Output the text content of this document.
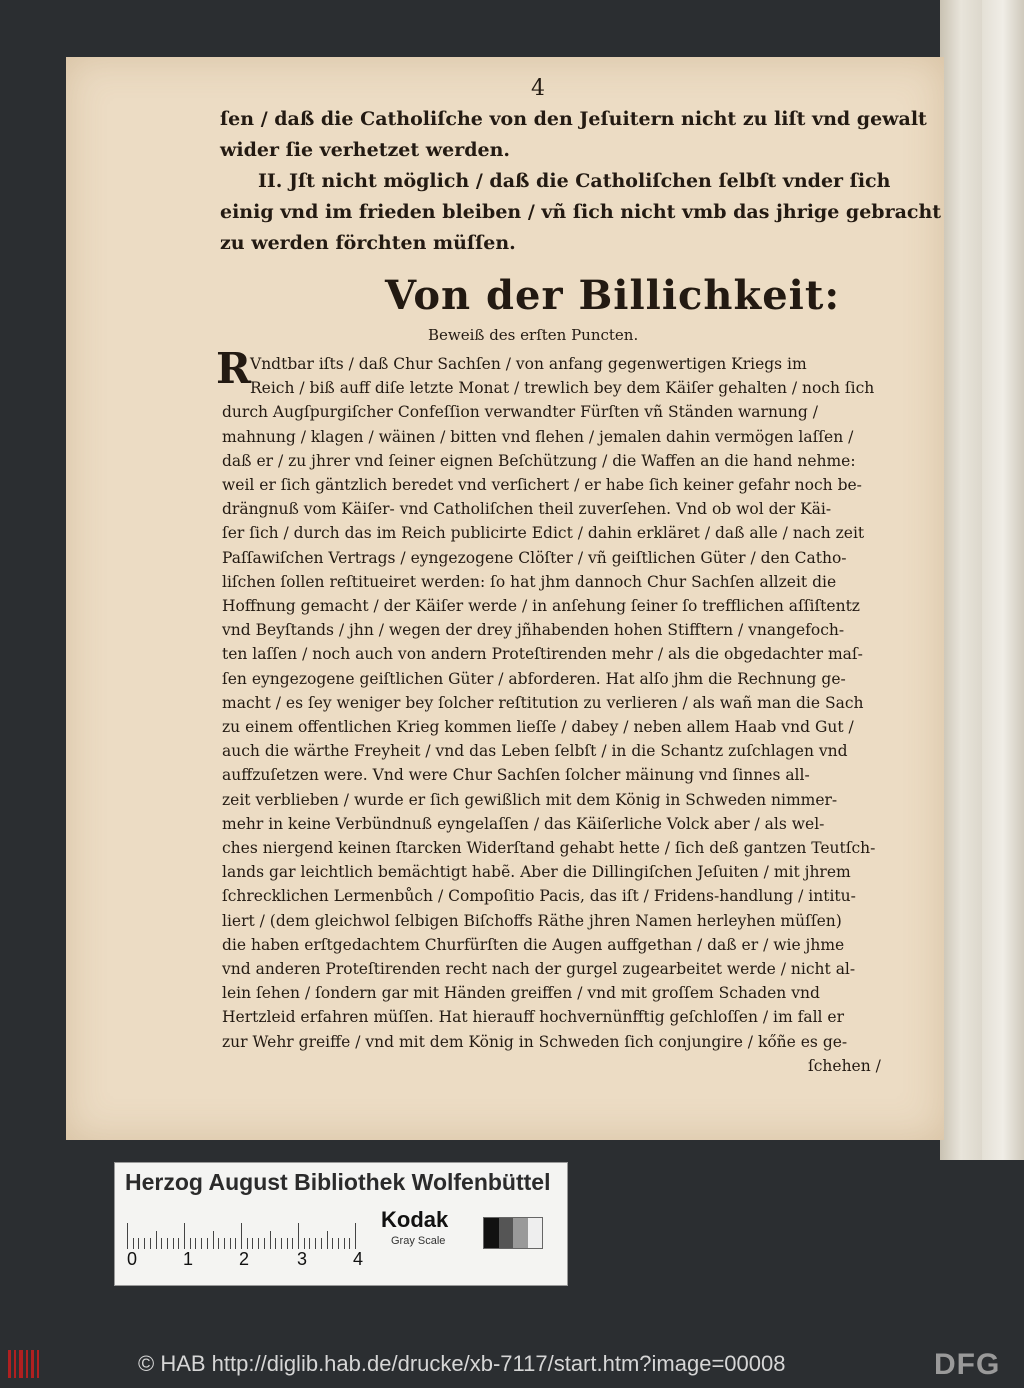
4
ſen / daß die Catholiſche von den Jeſuitern nicht zu liſt vnd gewalt
wider ſie verhetzet werden.
II. Jſt nicht möglich / daß die Catholiſchen ſelbſt vnder ſich
einig vnd im frieden bleiben / vñ ſich nicht vmb das jhrige gebracht
zu werden förchten müſſen.
Von der Billichkeit:
Beweiß des erſten Puncten.
R Vndtbar iſts / daß Chur Sachſen / von anfang gegenwertigen Kriegs im
Reich / biß auff diſe letzte Monat / trewlich bey dem Käiſer gehalten / noch ſich
durch Augſpurgiſcher Confeſſion verwandter Fürſten vñ Ständen warnung /
mahnung / klagen / wäinen / bitten vnd flehen / jemalen dahin vermögen laſſen /
daß er / zu jhrer vnd ſeiner eignen Beſchützung / die Waffen an die hand nehme:
weil er ſich gäntzlich beredet vnd verſichert / er habe ſich keiner gefahr noch be-
drängnuß vom Käiſer- vnd Catholiſchen theil zuverſehen. Vnd ob wol der Käi-
ſer ſich / durch das im Reich publicirte Edict / dahin erkläret / daß alle / nach zeit
Paſſawiſchen Vertrags / eyngezogene Clöſter / vñ geiſtlichen Güter / den Catho-
liſchen ſollen reſtitueiret werden: ſo hat jhm dannoch Chur Sachſen allzeit die
Hoffnung gemacht / der Käiſer werde / in anſehung ſeiner ſo trefflichen aſſiſtentz
vnd Beyſtands / jhn / wegen der drey jñhabenden hohen Stifftern / vnangefoch-
ten laſſen / noch auch von andern Proteſtirenden mehr / als die obgedachter maſ-
ſen eyngezogene geiſtlichen Güter / abforderen. Hat alſo jhm die Rechnung ge-
macht / es ſey weniger bey ſolcher reſtitution zu verlieren / als wañ man die Sach
zu einem offentlichen Krieg kommen lieſſe / dabey / neben allem Haab vnd Gut /
auch die wärthe Freyheit / vnd das Leben ſelbſt / in die Schantz zuſchlagen vnd
auffzuſetzen were. Vnd were Chur Sachſen ſolcher mäinung vnd ſinnes all-
zeit verblieben / wurde er ſich gewißlich mit dem König in Schweden nimmer-
mehr in keine Verbündnuß eyngelaſſen / das Käiſerliche Volck aber / als wel-
ches niergend keinen ſtarcken Widerſtand gehabt hette / ſich deß gantzen Teutſch-
lands gar leichtlich bemächtigt habẽ. Aber die Dillingiſchen Jeſuiten / mit jhrem
ſchrecklichen Lermenbůch / Compoſitio Pacis, das iſt / Fridens-handlung / intitu-
liert / (dem gleichwol ſelbigen Biſchoffs Räthe jhren Namen herleyhen müſſen)
die haben erſtgedachtem Churfürſten die Augen auffgethan / daß er / wie jhme
vnd anderen Proteſtirenden recht nach der gurgel zugearbeitet werde / nicht al-
lein ſehen / ſondern gar mit Händen greiffen / vnd mit groſſem Schaden vnd
Hertzleid erfahren müſſen. Hat hierauff hochvernünfftig geſchloſſen / im fall er
zur Wehr greiffe / vnd mit dem König in Schweden ſich conjungire / kőñe es ge-
ſchehen /
Herzog August Bibliothek Wolfenbüttel
0	1	2	3	4
Kodak
Gray Scale
© HAB http://diglib.hab.de/drucke/xb-7117/start.htm?image=00008	DFG
